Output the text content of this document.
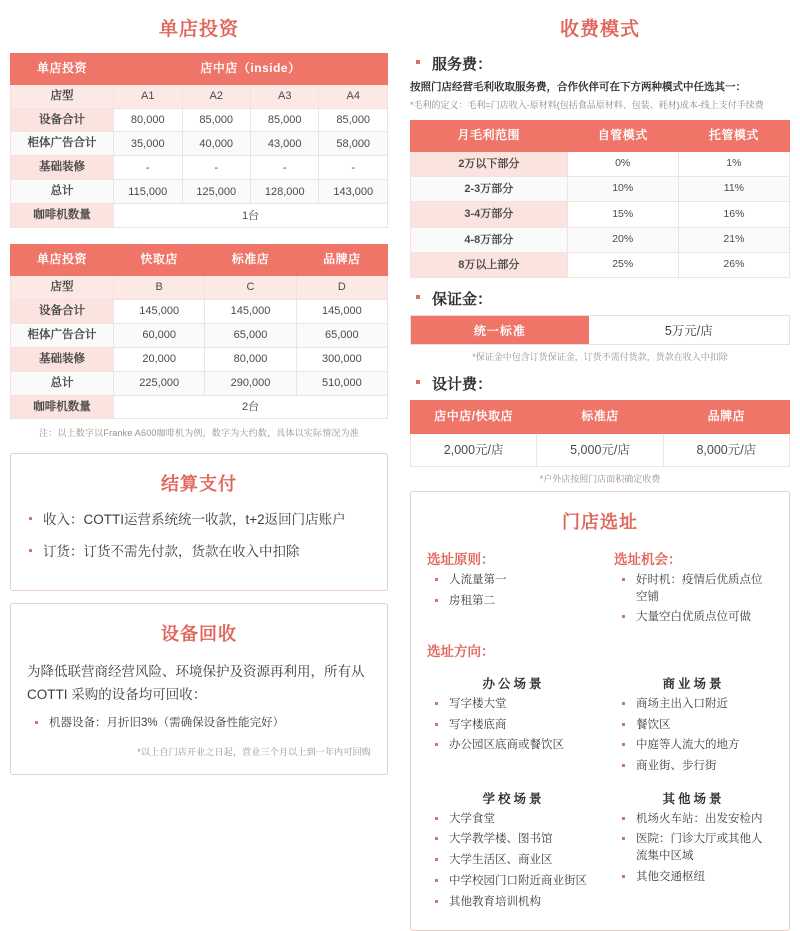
单店投资
单店投资	店中店（inside）			
店型	A1	A2	A3	A4
设备合计	80,000	85,000	85,000	85,000
柜体广告合计	35,000	40,000	43,000	58,000
基础装修	-	-	-	-
总计	115,000	125,000	128,000	143,000
咖啡机数量	1台			
单店投资	快取店	标准店	品牌店
店型	B	C	D
设备合计	145,000	145,000	145,000
柜体广告合计	60,000	65,000	65,000
基础装修	20,000	80,000	300,000
总计	225,000	290,000	510,000
咖啡机数量	2台		
注：以上数字以Franke A600咖啡机为例，数字为大约数，具体以实际情况为准
结算支付
收入：COTTI运营系统统一收款，t+2返回门店账户
订货：订货不需先付款，货款在收入中扣除
设备回收

为降低联营商经营风险、环境保护及资源再利用，所有从 COTTI 采购的设备均可回收：

机器设备：月折旧3%（需确保设备性能完好）
*以上自门店开业之日起，营业三个月以上到一年内可回购
收费模式
服务费：
按照门店经营毛利收取服务费，合作伙伴可在下方两种模式中任选其一：
*毛利的定义：毛利=门店收入-原材料(包括食品原材料、包装、耗材)成本-线上支付手续费
月毛利范围	自管模式	托管模式
2万以下部分	0%	1%
2-3万部分	10%	11%
3-4万部分	15%	16%
4-8万部分	20%	21%
8万以上部分	25%	26%
保证金：
统一标准	5万元/店
*保证金中包含订货保证金，订货不需付货款，货款在收入中扣除
设计费：
店中店/快取店	标准店	品牌店
2,000元/店	5,000元/店	8,000元/店
*户外店按照门店面积确定收费
门店选址
选址原则：
人流量第一
房租第二
选址机会：
好时机：疫情后优质点位空铺
大量空白优质点位可做
选址方向：
办公场景
写字楼大堂
写字楼底商
办公园区底商或餐饮区
商业场景
商场主出入口附近
餐饮区
中庭等人流大的地方
商业街、步行街
学校场景
大学食堂
大学教学楼、图书馆
大学生活区、商业区
中学校园门口附近商业街区
其他教育培训机构
其他场景
机场火车站：出发安检内
医院：门诊大厅或其他人流集中区域
其他交通枢纽
